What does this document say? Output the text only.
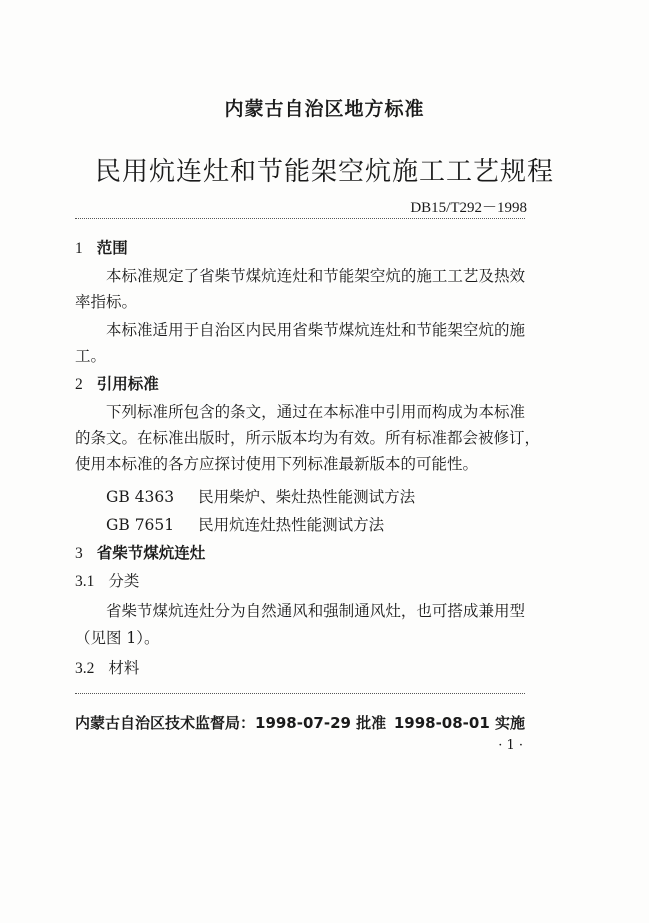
内蒙古自治区地方标准
民用炕连灶和节能架空炕施工工艺规程
DB15/T292－1998
1 范围
本标准规定了省柴节煤炕连灶和节能架空炕的施工工艺及热效
率指标。
本标准适用于自治区内民用省柴节煤炕连灶和节能架空炕的施
工。
2 引用标准
下列标准所包含的条文，通过在本标准中引用而构成为本标准
的条文。在标准出版时，所示版本均为有效。所有标准都会被修订，
使用本标准的各方应探讨使用下列标准最新版本的可能性。
GB 4363 民用柴炉、柴灶热性能测试方法
GB 7651 民用炕连灶热性能测试方法
3 省柴节煤炕连灶
3.1 分类
省柴节煤炕连灶分为自然通风和强制通风灶，也可搭成兼用型
（见图 1）。
3.2 材料
内蒙古自治区技术监督局：1998-07-29 批准 1998-08-01 实施
· 1 ·
